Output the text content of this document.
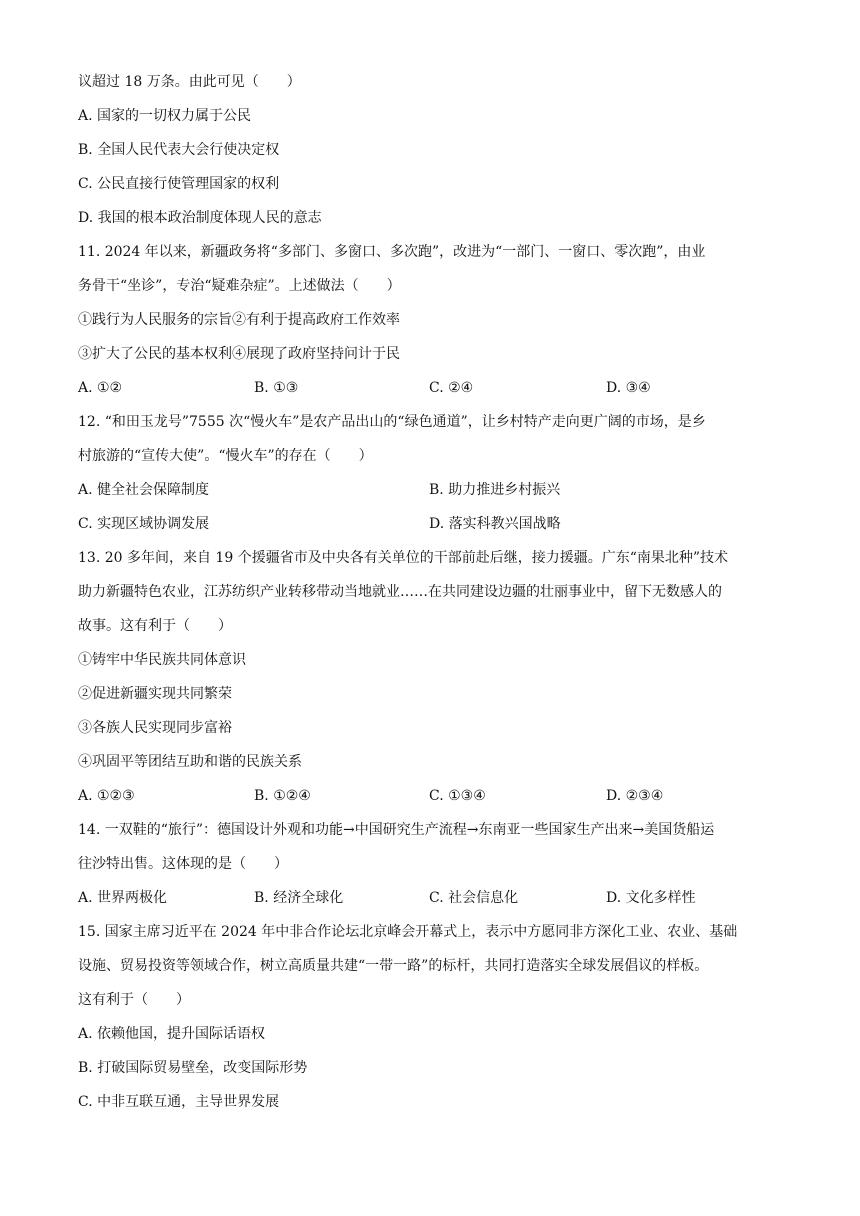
议超过 18 万条。由此可见（　　）
A. 国家的一切权力属于公民
B. 全国人民代表大会行使决定权
C. 公民直接行使管理国家的权利
D. 我国的根本政治制度体现人民的意志
11. 2024 年以来，新疆政务将“多部门、多窗口、多次跑”，改进为“一部门、一窗口、零次跑”，由业
务骨干“坐诊”，专治“疑难杂症”。上述做法（　　）
①践行为人民服务的宗旨②有利于提高政府工作效率
③扩大了公民的基本权利④展现了政府坚持问计于民
A. ①②	B. ①③	C. ②④	D. ③④
12. “和田玉龙号”7555 次“慢火车”是农产品出山的“绿色通道”，让乡村特产走向更广阔的市场，是乡
村旅游的“宣传大使”。“慢火车”的存在（　　）
A. 健全社会保障制度	B. 助力推进乡村振兴
C. 实现区域协调发展	D. 落实科教兴国战略
13. 20 多年间，来自 19 个援疆省市及中央各有关单位的干部前赴后继，接力援疆。广东“南果北种”技术
助力新疆特色农业，江苏纺织产业转移带动当地就业……在共同建设边疆的壮丽事业中，留下无数感人的
故事。这有利于（　　）
①铸牢中华民族共同体意识
②促进新疆实现共同繁荣
③各族人民实现同步富裕
④巩固平等团结互助和谐的民族关系
A. ①②③	B. ①②④	C. ①③④	D. ②③④
14. 一双鞋的“旅行”：德国设计外观和功能→中国研究生产流程→东南亚一些国家生产出来→美国货船运
往沙特出售。这体现的是（　　）
A. 世界两极化	B. 经济全球化	C. 社会信息化	D. 文化多样性
15. 国家主席习近平在 2024 年中非合作论坛北京峰会开幕式上，表示中方愿同非方深化工业、农业、基础
设施、贸易投资等领域合作，树立高质量共建“一带一路”的标杆，共同打造落实全球发展倡议的样板。
这有利于（　　）
A. 依赖他国，提升国际话语权
B. 打破国际贸易壁垒，改变国际形势
C. 中非互联互通，主导世界发展
